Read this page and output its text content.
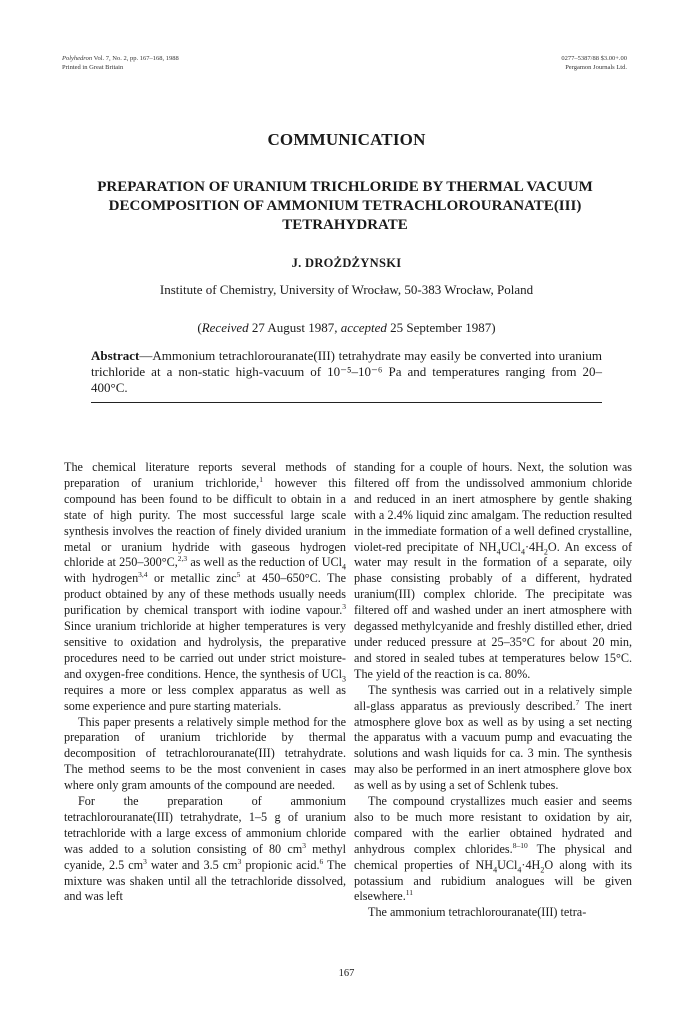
Polyhedron Vol. 7, No. 2, pp. 167–168, 1988
Printed in Great Britain
0277–5387/88 $3.00+.00
Pergamon Journals Ltd.
COMMUNICATION
PREPARATION OF URANIUM TRICHLORIDE BY THERMAL VACUUM DECOMPOSITION OF AMMONIUM TETRACHLOROURANATE(III) TETRAHYDRATE
J. DROŻDŻYNSKI
Institute of Chemistry, University of Wrocław, 50-383 Wrocław, Poland
(Received 27 August 1987, accepted 25 September 1987)
Abstract—Ammonium tetrachlorouranate(III) tetrahydrate may easily be converted into uranium trichloride at a non-static high-vacuum of 10⁻⁵–10⁻⁶ Pa and temperatures ranging from 20–400°C.

The chemical literature reports several methods of preparation of uranium trichloride,$^1$ however this compound has been found to be difficult to obtain in a state of high purity. The most successful large scale synthesis involves the reaction of finely divided uranium metal or uranium hydride with gaseous hydrogen chloride at 250–300°C,$^{2,3}$ as well as the reduction of UCl$_4$ with hydrogen$^{3,4}$ or metallic zinc$^5$ at 450–650°C. The product obtained by any of these methods usually needs purification by chemical transport with iodine vapour.$^3$ Since uranium trichloride at higher temperatures is very sensitive to oxidation and hydrolysis, the preparative procedures need to be carried out under strict moisture- and oxygen-free conditions. Hence, the synthesis of UCl$_3$ requires a more or less complex apparatus as well as some experience and pure starting materials.

This paper presents a relatively simple method for the preparation of uranium trichloride by thermal decomposition of tetrachlorouranate(III) tetrahydrate. The method seems to be the most convenient in cases where only gram amounts of the compound are needed.

For the preparation of ammonium tetrachlorouranate(III) tetrahydrate, 1–5 g of uranium tetrachloride with a large excess of ammonium chloride was added to a solution consisting of 80 $cm^3$ methyl cyanide, 2.5 $cm^3$ water and 3.5 $cm^3$ propionic acid.$^6$ The mixture was shaken until all the tetrachloride dissolved, and was left

standing for a couple of hours. Next, the solution was filtered off from the undissolved ammonium chloride and reduced in an inert atmosphere by gentle shaking with a 2.4% liquid zinc amalgam. The reduction resulted in the immediate formation of a well defined crystalline, violet-red precipitate of $NH_4UCl_4\cdot 4H_2O$. An excess of water may result in the formation of a separate, oily phase consisting probably of a different, hydrated uranium(III) complex chloride. The precipitate was filtered off and washed under an inert atmosphere with degassed methylcyanide and freshly distilled ether, dried under reduced pressure at 25–35°C for about 20 min, and stored in sealed tubes at temperatures below 15°C. The yield of the reaction is ca. 80%.

The synthesis was carried out in a relatively simple all-glass apparatus as previously described.$^7$ The inert atmosphere glove box as well as by using a set necting the apparatus with a vacuum pump and evacuating the solutions and wash liquids for ca. 3 min. The synthesis may also be performed in an inert atmosphere glove box as well as by using a set of Schlenk tubes.

The compound crystallizes much easier and seems also to be much more resistant to oxidation by air, compared with the earlier obtained hydrated and anhydrous complex chlorides.$^{8-10}$ The physical and chemical properties of $NH_4UCl_4\cdot 4H_2O$ along with its potassium and rubidium analogues will be given elsewhere.$^{11}$

The ammonium tetrachlorouranate(III) tetra-

167
